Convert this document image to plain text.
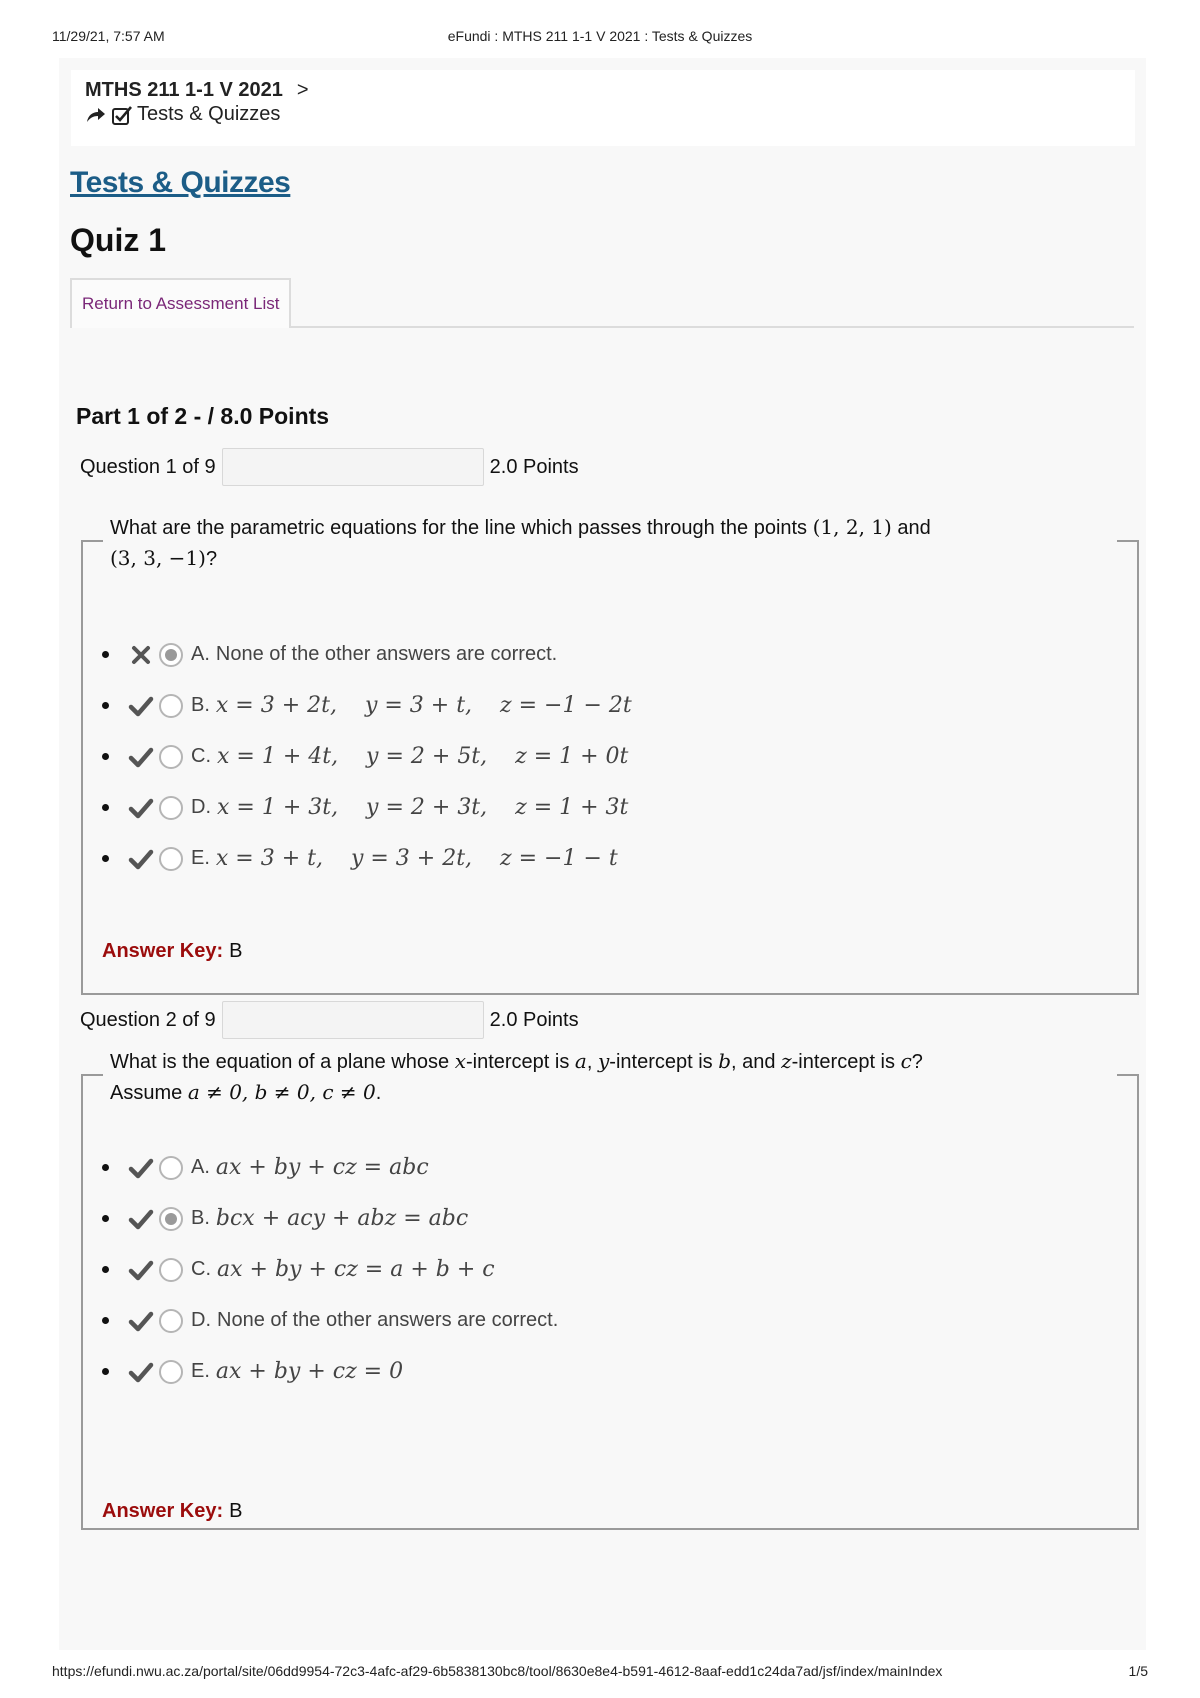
11/29/21, 7:57 AM	eFundi : MTHS 211 1-1 V 2021 : Tests & Quizzes
MTHS 211 1-1 V 2021 >
Tests & Quizzes
Tests & Quizzes
Quiz 1
Return to Assessment List
Part 1 of 2 - / 8.0 Points
Question 1 of 9	2.0 Points
What are the parametric equations for the line which passes through the points (1, 2, 1) and
(3, 3, −1)?
A. None of the other answers are correct.
B. x = 3 + 2t,    y = 3 + t,    z = −1 − 2t
C. x = 1 + 4t,    y = 2 + 5t,    z = 1 + 0t
D. x = 1 + 3t,    y = 2 + 3t,    z = 1 + 3t
E. x = 3 + t,    y = 3 + 2t,    z = −1 − t
Answer Key: B
Question 2 of 9	2.0 Points
What is the equation of a plane whose x-intercept is a, y-intercept is b, and z-intercept is c?
Assume a ≠ 0, b ≠ 0, c ≠ 0.
A. ax + by + cz = abc
B. bcx + acy + abz = abc
C. ax + by + cz = a + b + c
D. None of the other answers are correct.
E. ax + by + cz = 0
Answer Key: B
https://efundi.nwu.ac.za/portal/site/06dd9954-72c3-4afc-af29-6b5838130bc8/tool/8630e8e4-b591-4612-8aaf-edd1c24da7ad/jsf/index/mainIndex	1/5
